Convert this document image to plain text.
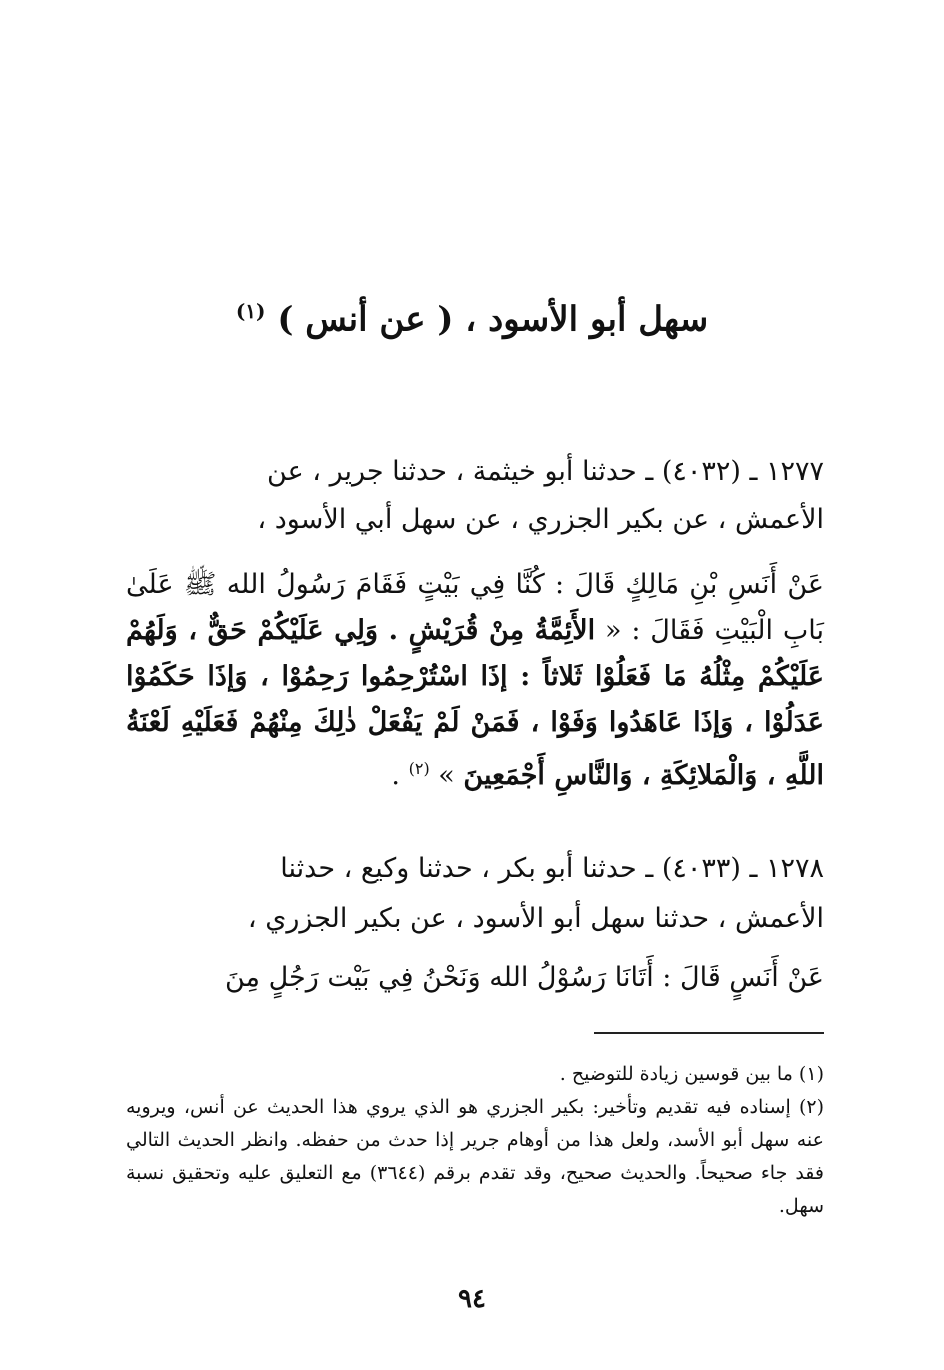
سهل أبو الأسود ، ( عن أنس ) $^{(١)}$

١٢٧٧ ـ (٤٠٣٢) ـ حدثنا أبو خيثمة ، حدثنا جرير ، عن
الأعمش ، عن بكير الجزري ، عن سهل أبي الأسود ،

عَنْ أَنَسِ بْنِ مَالِكٍ قَالَ : كُنَّا فِي بَيْتٍ فَقَامَ رَسُولُ الله ﷺ عَلَىٰ بَابِ الْبَيْتِ فَقَالَ : « الأَئِمَّةُ مِنْ قُرَيْشٍ . وَلِي عَلَيْكُمْ حَقٌّ ، وَلَهُمْ عَلَيْكُمْ مِثْلُهُ مَا فَعَلُوْا ثَلاثاً : إذَا اسْتُرْحِمُوا رَحِمُوْا ، وَإذَا حَكَمُوْا عَدَلُوْا ، وَإذَا عَاهَدُوا وَفَوْا ، فَمَنْ لَمْ يَفْعَلْ ذٰلِكَ مِنْهُمْ فَعَلَيْهِ لَعْنَةُ اللَّهِ ، وَالْمَلائِكَةِ ، وَالنَّاسِ أَجْمَعِينَ » $^{(٢)}$ .

١٢٧٨ ـ (٤٠٣٣) ـ حدثنا أبو بكر ، حدثنا وكيع ، حدثنا
الأعمش ، حدثنا سهل أبو الأسود ، عن بكير الجزري ،

عَنْ أَنَسٍ قَالَ : أَتَانَا رَسُوْلُ الله وَنَحْنُ فِي بَيْت رَجُلٍ مِنَ

(١) ما بين قوسين زيادة للتوضيح .

(٢) إسناده فيه تقديم وتأخير: بكير الجزري هو الذي يروي هذا الحديث عن أنس، ويرويه عنه سهل أبو الأسد، ولعل هذا من أوهام جرير إذا حدث من حفظه. وانظر الحديث التالي فقد جاء صحيحاً. والحديث صحيح، وقد تقدم برقم (٣٦٤٤) مع التعليق عليه وتحقيق نسبة سهل.

٩٤
